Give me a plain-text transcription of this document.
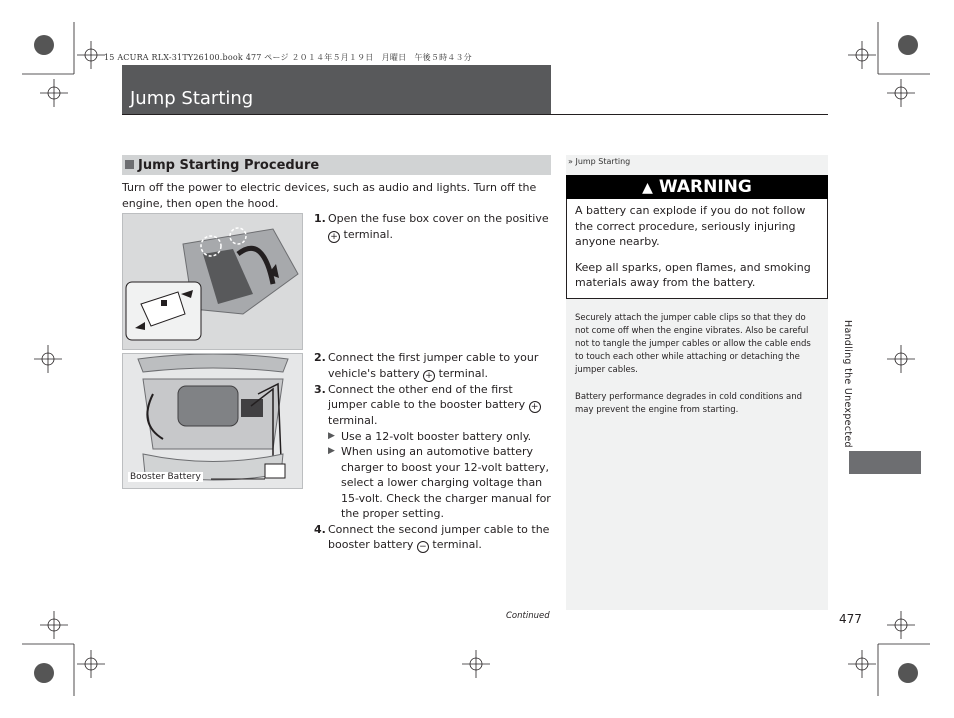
15 ACURA RLX-31TY26100.book 477 ページ ２０１４年５月１９日　月曜日　午後５時４３分
Jump Starting
Jump Starting Procedure
Turn off the power to electric devices, such as audio and lights. Turn off the engine, then open the hood.
Booster Battery
1. Open the fuse box cover on the positive + terminal.
2. Connect the first jumper cable to your vehicle's battery + terminal.
3. Connect the other end of the first jumper cable to the booster battery + terminal.
▶ Use a 12-volt booster battery only.
▶ When using an automotive battery charger to boost your 12-volt battery, select a lower charging voltage than 15-volt. Check the charger manual for the proper setting.
4. Connect the second jumper cable to the booster battery − terminal.
» Jump Starting
▲ WARNING
A battery can explode if you do not follow the correct procedure, seriously injuring anyone nearby.
Keep all sparks, open flames, and smoking materials away from the battery.
Securely attach the jumper cable clips so that they do not come off when the engine vibrates. Also be careful not to tangle the jumper cables or allow the cable ends to touch each other while attaching or detaching the jumper cables.
Battery performance degrades in cold conditions and may prevent the engine from starting.	Handling the Unexpected
Continued	477
